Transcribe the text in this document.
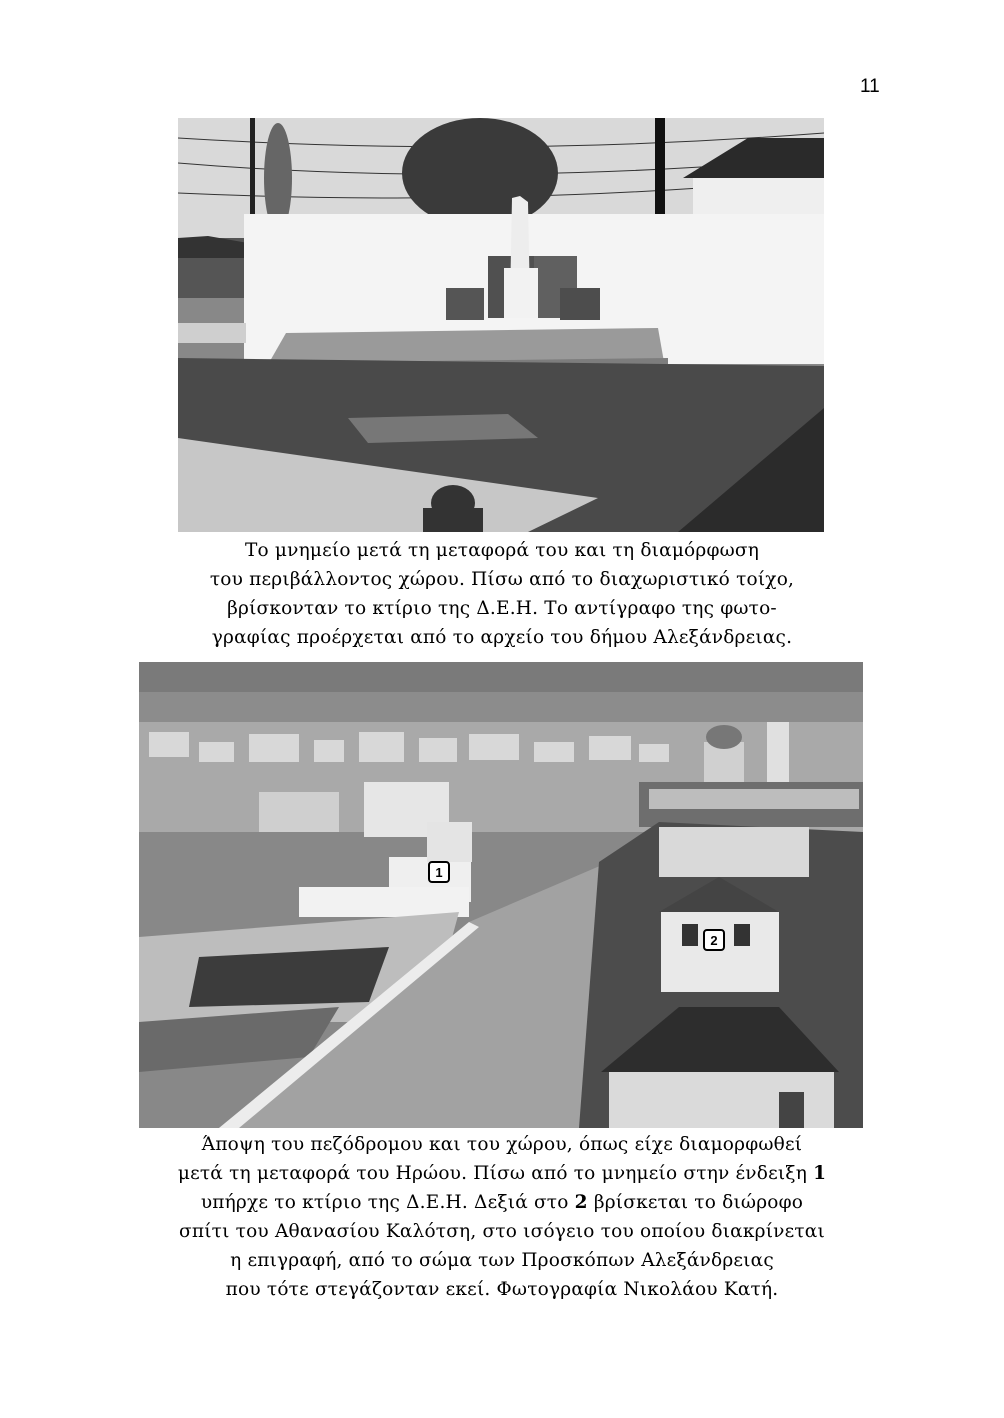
11
Το μνημείο μετά τη μεταφορά του και τη διαμόρφωση
του περιβάλλοντος χώρου. Πίσω από το διαχωριστικό τοίχο,
βρίσκονταν το κτίριο της Δ.Ε.Η. Το αντίγραφο της φωτο-
γραφίας προέρχεται από το αρχείο του δήμου Αλεξάνδρειας.
1
2
Άποψη του πεζόδρομου και του χώρου, όπως είχε διαμορφωθεί
μετά τη μεταφορά του Ηρώου. Πίσω από το μνημείο στην ένδειξη 1
υπήρχε το κτίριο της Δ.Ε.Η. Δεξιά στο 2 βρίσκεται το διώροφο
σπίτι του Αθανασίου Καλότση, στο ισόγειο του οποίου διακρίνεται
η επιγραφή, από το σώμα των Προσκόπων Αλεξάνδρειας
που τότε στεγάζονταν εκεί. Φωτογραφία Νικολάου Κατή.
